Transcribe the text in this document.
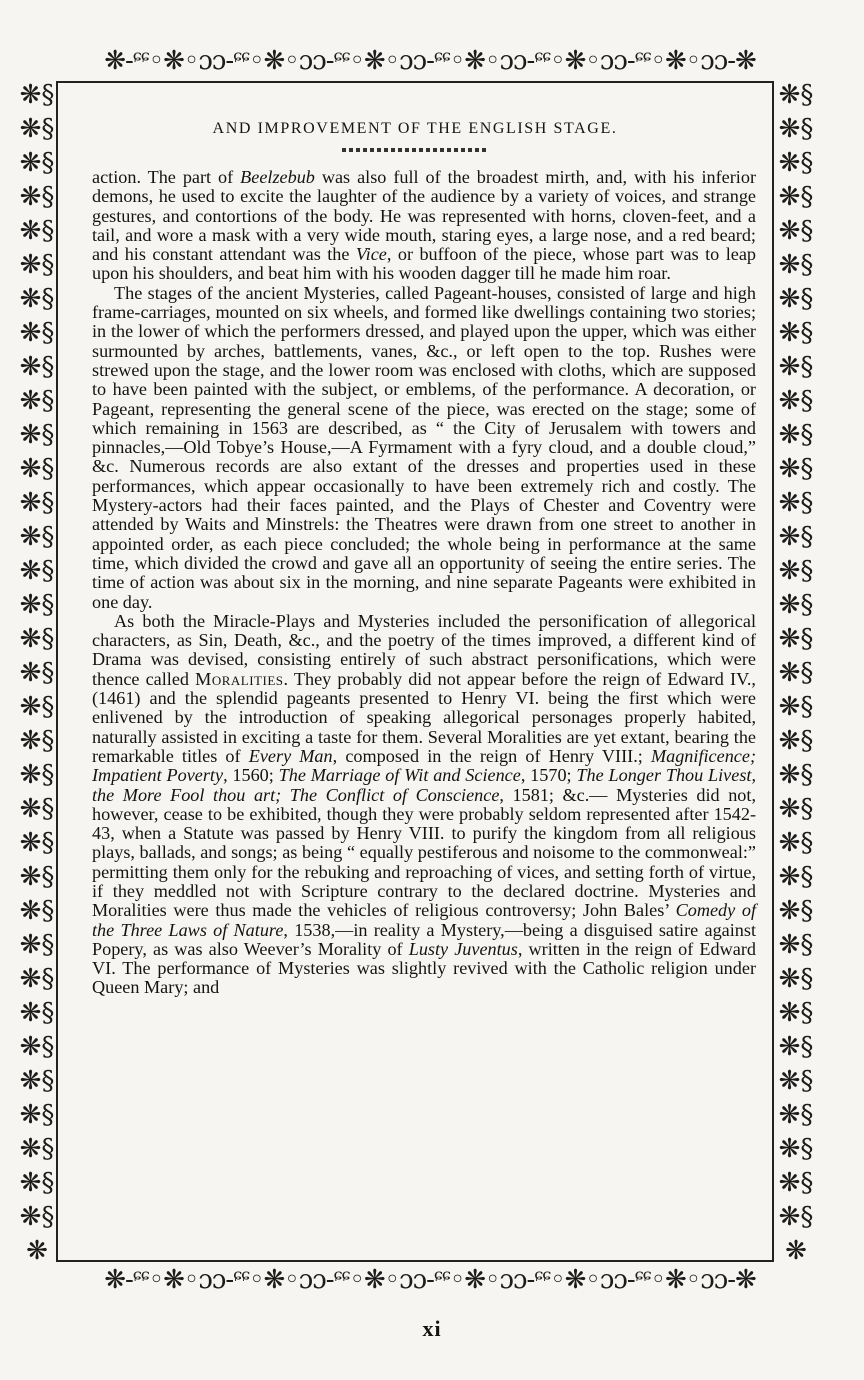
❋-ᶝᶝ◦❋◦ɔɔ-ᶝᶝ◦❋◦ɔɔ-ᶝᶝ◦❋◦ɔɔ-ᶝᶝ◦❋◦ɔɔ-ᶝᶝ◦❋◦ɔɔ-ᶝᶝ◦❋◦ɔɔ-❋
❋-ᶝᶝ◦❋◦ɔɔ-ᶝᶝ◦❋◦ɔɔ-ᶝᶝ◦❋◦ɔɔ-ᶝᶝ◦❋◦ɔɔ-ᶝᶝ◦❋◦ɔɔ-ᶝᶝ◦❋◦ɔɔ-❋
❋§❋§❋§❋§❋§❋§❋§❋§❋§❋§❋§❋§❋§❋§❋§❋§❋§❋§❋§❋§❋§❋§❋§❋§❋§❋§❋§❋§❋§❋§❋§❋§❋§❋§❋
❋§❋§❋§❋§❋§❋§❋§❋§❋§❋§❋§❋§❋§❋§❋§❋§❋§❋§❋§❋§❋§❋§❋§❋§❋§❋§❋§❋§❋§❋§❋§❋§❋§❋§❋
AND IMPROVEMENT OF THE ENGLISH STAGE.

action. The part of Beelzebub was also full of the broadest mirth, and, with his inferior demons, he used to excite the laughter of the audience by a variety of voices, and strange gestures, and contortions of the body. He was represented with horns, cloven-feet, and a tail, and wore a mask with a very wide mouth, staring eyes, a large nose, and a red beard; and his constant attendant was the Vice, or buffoon of the piece, whose part was to leap upon his shoulders, and beat him with his wooden dagger till he made him roar.

The stages of the ancient Mysteries, called Pageant-houses, consisted of large and high frame-carriages, mounted on six wheels, and formed like dwellings containing two stories; in the lower of which the performers dressed, and played upon the upper, which was either surmounted by arches, battlements, vanes, &c., or left open to the top. Rushes were strewed upon the stage, and the lower room was enclosed with cloths, which are supposed to have been painted with the subject, or emblems, of the performance. A decoration, or Pageant, representing the general scene of the piece, was erected on the stage; some of which remaining in 1563 are described, as “ the City of Jerusalem with towers and pinnacles,—Old Tobye’s House,—A Fyrmament with a fyry cloud, and a double cloud,” &c. Numerous records are also extant of the dresses and properties used in these performances, which appear occasionally to have been extremely rich and costly. The Mystery-actors had their faces painted, and the Plays of Chester and Coventry were attended by Waits and Minstrels: the Theatres were drawn from one street to another in appointed order, as each piece concluded; the whole being in performance at the same time, which divided the crowd and gave all an opportunity of seeing the entire series. The time of action was about six in the morning, and nine separate Pageants were exhibited in one day.

As both the Miracle-Plays and Mysteries included the personification of allegorical characters, as Sin, Death, &c., and the poetry of the times improved, a different kind of Drama was devised, consisting entirely of such abstract personifications, which were thence called Moralities. They probably did not appear before the reign of Edward IV., (1461) and the splendid pageants presented to Henry VI. being the first which were enlivened by the introduction of speaking allegorical personages properly habited, naturally assisted in exciting a taste for them. Several Moralities are yet extant, bearing the remarkable titles of Every Man, composed in the reign of Henry VIII.; Magnificence; Impatient Poverty, 1560; The Marriage of Wit and Science, 1570; The Longer Thou Livest, the More Fool thou art; The Conflict of Conscience, 1581; &c.— Mysteries did not, however, cease to be exhibited, though they were probably seldom represented after 1542-43, when a Statute was passed by Henry VIII. to purify the kingdom from all religious plays, ballads, and songs; as being “ equally pestiferous and noisome to the commonweal:” permitting them only for the rebuking and reproaching of vices, and setting forth of virtue, if they meddled not with Scripture contrary to the declared doctrine. Mysteries and Moralities were thus made the vehicles of religious controversy; John Bales’ Comedy of the Three Laws of Nature, 1538,—in reality a Mystery,—being a disguised satire against Popery, as was also Weever’s Morality of Lusty Juventus, written in the reign of Edward VI. The performance of Mysteries was slightly revived with the Catholic religion under Queen Mary; and

xi
